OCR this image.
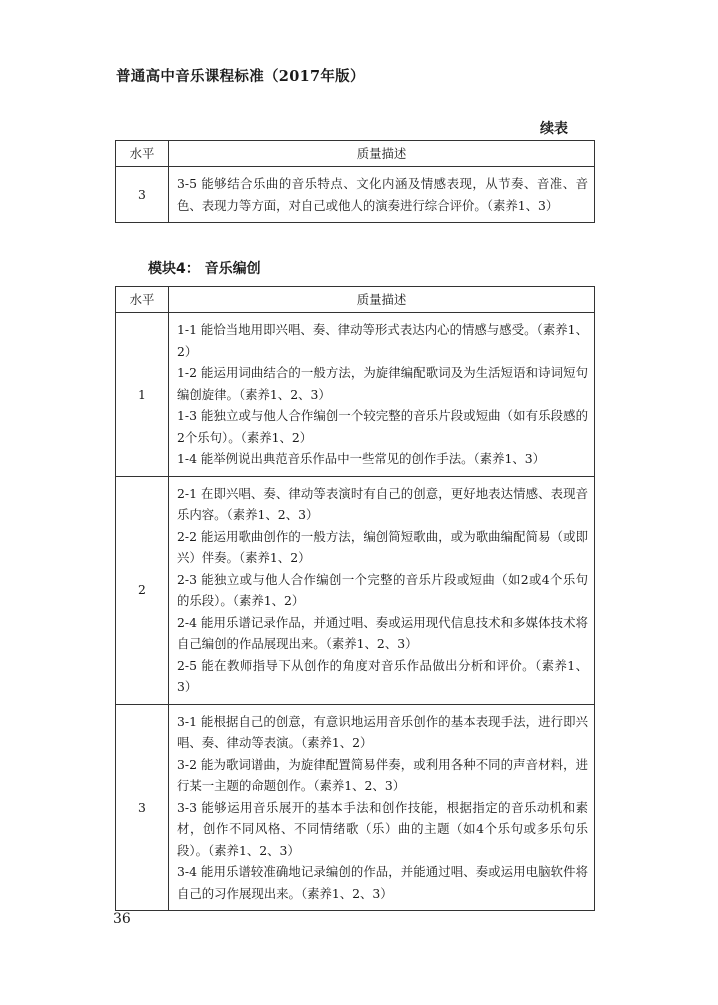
普通高中音乐课程标准（2017年版）
续表
水平	质量描述
3	3-5 能够结合乐曲的音乐特点、文化内涵及情感表现，从节奏、音准、音色、表现力等方面，对自己或他人的演奏进行综合评价。（素养1、3）
模块4： 音乐编创
水平	质量描述
1	1-1 能恰当地用即兴唱、奏、律动等形式表达内心的情感与感受。（素养1、2）
1-2 能运用词曲结合的一般方法，为旋律编配歌词及为生活短语和诗词短句编创旋律。（素养1、2、3）
1-3 能独立或与他人合作编创一个较完整的音乐片段或短曲（如有乐段感的2个乐句）。（素养1、2）
1-4 能举例说出典范音乐作品中一些常见的创作手法。（素养1、3）

2	2-1 在即兴唱、奏、律动等表演时有自己的创意，更好地表达情感、表现音乐内容。（素养1、2、3）
2-2 能运用歌曲创作的一般方法，编创简短歌曲，或为歌曲编配简易（或即兴）伴奏。（素养1、2）
2-3 能独立或与他人合作编创一个完整的音乐片段或短曲（如2或4个乐句的乐段）。（素养1、2）
2-4 能用乐谱记录作品，并通过唱、奏或运用现代信息技术和多媒体技术将自己编创的作品展现出来。（素养1、2、3）
2-5 能在教师指导下从创作的角度对音乐作品做出分析和评价。（素养1、3）

3	3-1 能根据自己的创意，有意识地运用音乐创作的基本表现手法，进行即兴唱、奏、律动等表演。（素养1、2）
3-2 能为歌词谱曲，为旋律配置简易伴奏，或利用各种不同的声音材料，进行某一主题的命题创作。（素养1、2、3）
3-3 能够运用音乐展开的基本手法和创作技能，根据指定的音乐动机和素材，创作不同风格、不同情绪歌（乐）曲的主题（如4个乐句或多乐句乐段）。（素养1、2、3）
3-4 能用乐谱较准确地记录编创的作品，并能通过唱、奏或运用电脑软件将自己的习作展现出来。（素养1、2、3）
36
